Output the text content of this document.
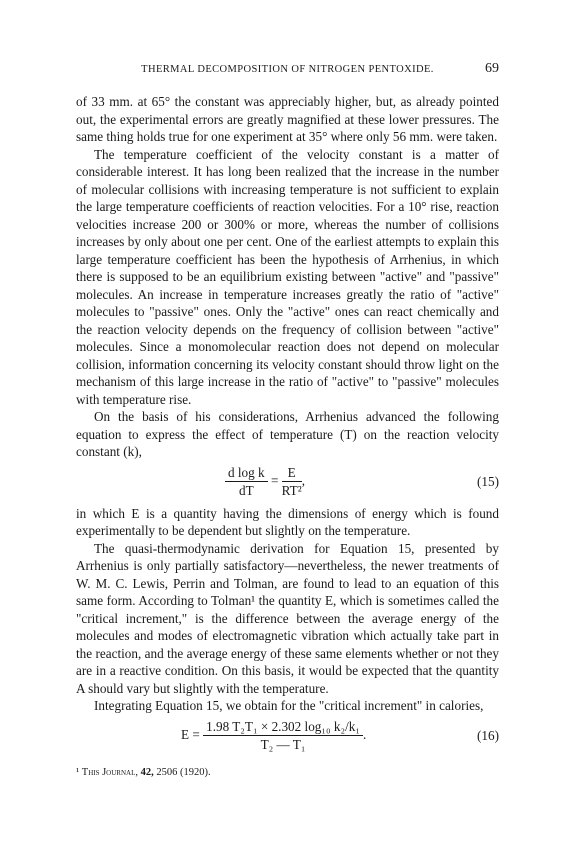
THERMAL DECOMPOSITION OF NITROGEN PENTOXIDE.	69

of 33 mm. at 65° the constant was appreciably higher, but, as already pointed out, the experimental errors are greatly magnified at these lower pressures. The same thing holds true for one experiment at 35° where only 56 mm. were taken.

The temperature coefficient of the velocity constant is a matter of considerable interest. It has long been realized that the increase in the number of molecular collisions with increasing temperature is not sufficient to explain the large temperature coefficients of reaction velocities. For a 10° rise, reaction velocities increase 200 or 300% or more, whereas the number of collisions increases by only about one per cent. One of the earliest attempts to explain this large temperature coefficient has been the hypothesis of Arrhenius, in which there is supposed to be an equilibrium existing between "active" and "passive" molecules. An increase in temperature increases greatly the ratio of "active" molecules to "passive" ones. Only the "active" ones can react chemically and the reaction velocity depends on the frequency of collision between "active" molecules. Since a monomolecular reaction does not depend on molecular collision, information concerning its velocity constant should throw light on the mechanism of this large increase in the ratio of "active" to "passive" molecules with temperature rise.

On the basis of his considerations, Arrhenius advanced the following equation to express the effect of temperature (T) on the reaction velocity constant (k),

$\frac{\text{d log k}}{dT} = \frac{E}{\text{RT²}}$ ,	(15)

in which E is a quantity having the dimensions of energy which is found experimentally to be dependent but slightly on the temperature.

The quasi-thermodynamic derivation for Equation 15, presented by Arrhenius is only partially satisfactory—nevertheless, the newer treatments of W. M. C. Lewis, Perrin and Tolman, are found to lead to an equation of this same form. According to Tolman¹ the quantity E, which is sometimes called the "critical increment," is the difference between the average energy of the molecules and modes of electromagnetic vibration which actually take part in the reaction, and the average energy of these same elements whether or not they are in a reactive condition. On this basis, it would be expected that the quantity A should vary but slightly with the temperature.

Integrating Equation 15, we obtain for the "critical increment" in calories,

$E = \frac{\text{1.98 T₂T₁ × 2.302 log₁₀ k₂/k₁}}{\text{T₂ — T₁}}$ .	(16)
¹ This Journal, 42, 2506 (1920).
